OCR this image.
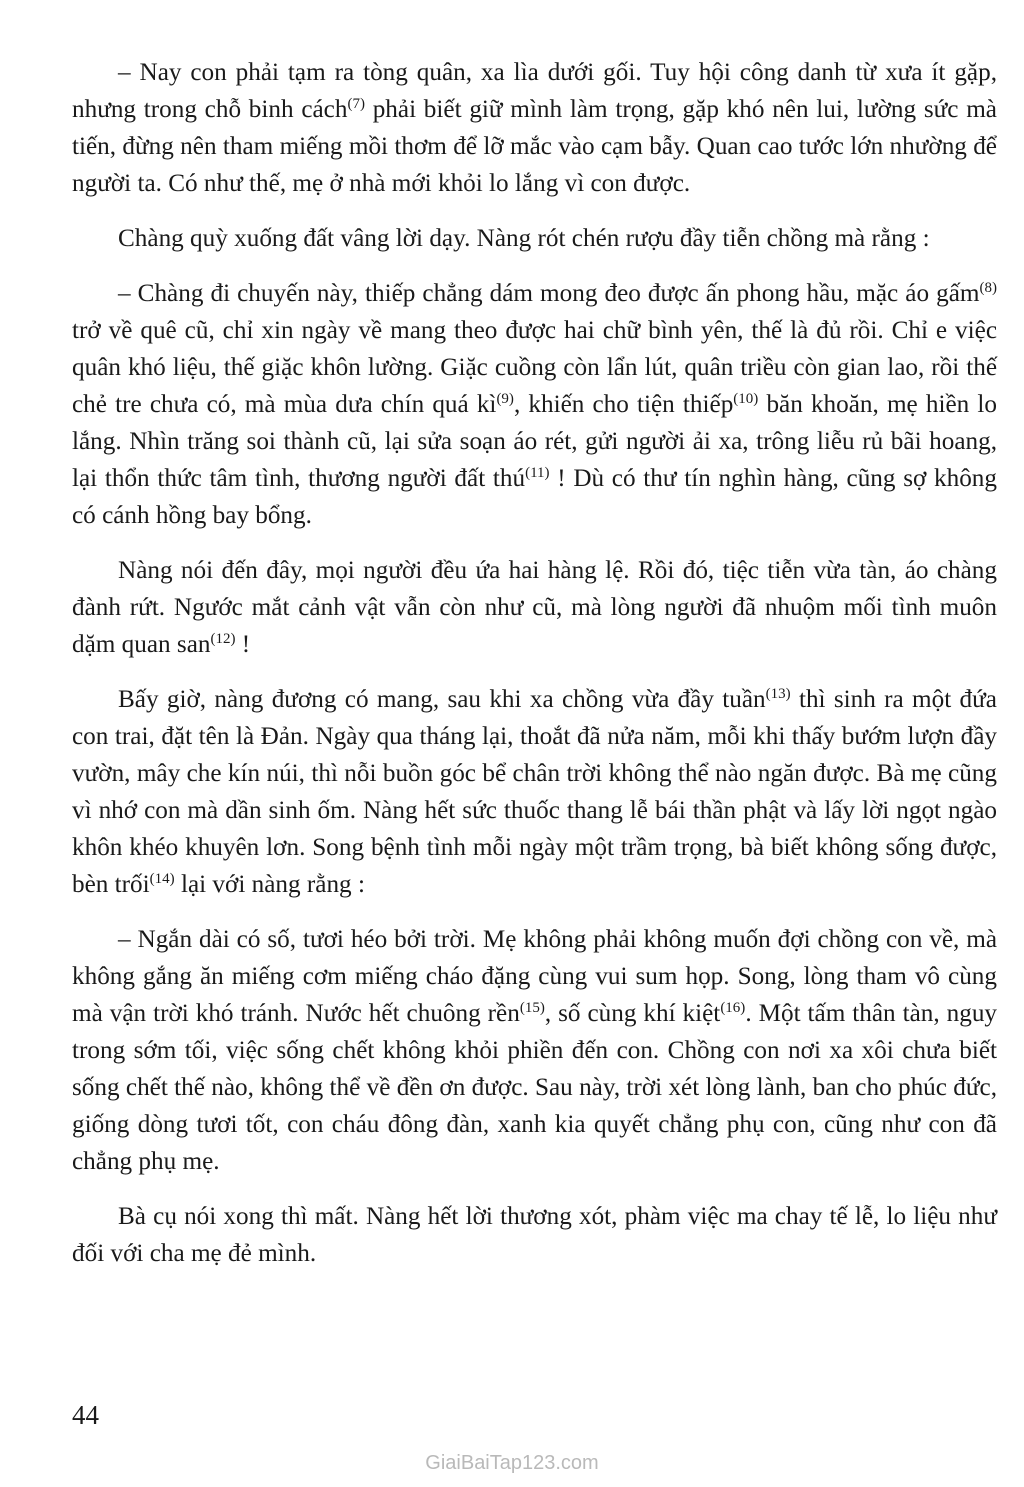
– Nay con phải tạm ra tòng quân, xa lìa dưới gối. Tuy hội công danh từ xưa ít gặp, nhưng trong chỗ binh cách$^{(7)}$ phải biết giữ mình làm trọng, gặp khó nên lui, lường sức mà tiến, đừng nên tham miếng mồi thơm để lỡ mắc vào cạm bẫy. Quan cao tước lớn nhường để người ta. Có như thế, mẹ ở nhà mới khỏi lo lắng vì con được.

Chàng quỳ xuống đất vâng lời dạy. Nàng rót chén rượu đầy tiễn chồng mà rằng :

– Chàng đi chuyến này, thiếp chẳng dám mong đeo được ấn phong hầu, mặc áo gấm$^{(8)}$ trở về quê cũ, chỉ xin ngày về mang theo được hai chữ bình yên, thế là đủ rồi. Chỉ e việc quân khó liệu, thế giặc khôn lường. Giặc cuồng còn lẩn lút, quân triều còn gian lao, rồi thế chẻ tre chưa có, mà mùa dưa chín quá $kì^{(9)}$, khiến cho tiện thiếp$^{(10)}$ băn khoăn, mẹ hiền lo lắng. Nhìn trăng soi thành cũ, lại sửa soạn áo rét, gửi người ải xa, trông liễu rủ bãi hoang, lại thổn thức tâm tình, thương người đất thú$^{(11)}$ ! Dù có thư tín nghìn hàng, cũng sợ không có cánh hồng bay bổng.

Nàng nói đến đây, mọi người đều ứa hai hàng lệ. Rồi đó, tiệc tiễn vừa tàn, áo chàng đành rứt. Ngước mắt cảnh vật vẫn còn như cũ, mà lòng người đã nhuộm mối tình muôn dặm quan san$^{(12)}$ !

Bấy giờ, nàng đương có mang, sau khi xa chồng vừa đầy tuần$^{(13)}$ thì sinh ra một đứa con trai, đặt tên là Đản. Ngày qua tháng lại, thoắt đã nửa năm, mỗi khi thấy bướm lượn đầy vườn, mây che kín núi, thì nỗi buồn góc bể chân trời không thể nào ngăn được. Bà mẹ cũng vì nhớ con mà dần sinh ốm. Nàng hết sức thuốc thang lễ bái thần phật và lấy lời ngọt ngào khôn khéo khuyên lơn. Song bệnh tình mỗi ngày một trầm trọng, bà biết không sống được, bèn trối$^{(14)}$ lại với nàng rằng :

– Ngắn dài có số, tươi héo bởi trời. Mẹ không phải không muốn đợi chồng con về, mà không gắng ăn miếng cơm miếng cháo đặng cùng vui sum họp. Song, lòng tham vô cùng mà vận trời khó tránh. Nước hết chuông rền$^{(15)}$, số cùng khí kiệt$^{(16)}$. Một tấm thân tàn, nguy trong sớm tối, việc sống chết không khỏi phiền đến con. Chồng con nơi xa xôi chưa biết sống chết thế nào, không thể về đền ơn được. Sau này, trời xét lòng lành, ban cho phúc đức, giống dòng tươi tốt, con cháu đông đàn, xanh kia quyết chẳng phụ con, cũng như con đã chẳng phụ mẹ.

Bà cụ nói xong thì mất. Nàng hết lời thương xót, phàm việc ma chay tế lễ, lo liệu như đối với cha mẹ đẻ mình.

44
GiaiBaiTap123.com
